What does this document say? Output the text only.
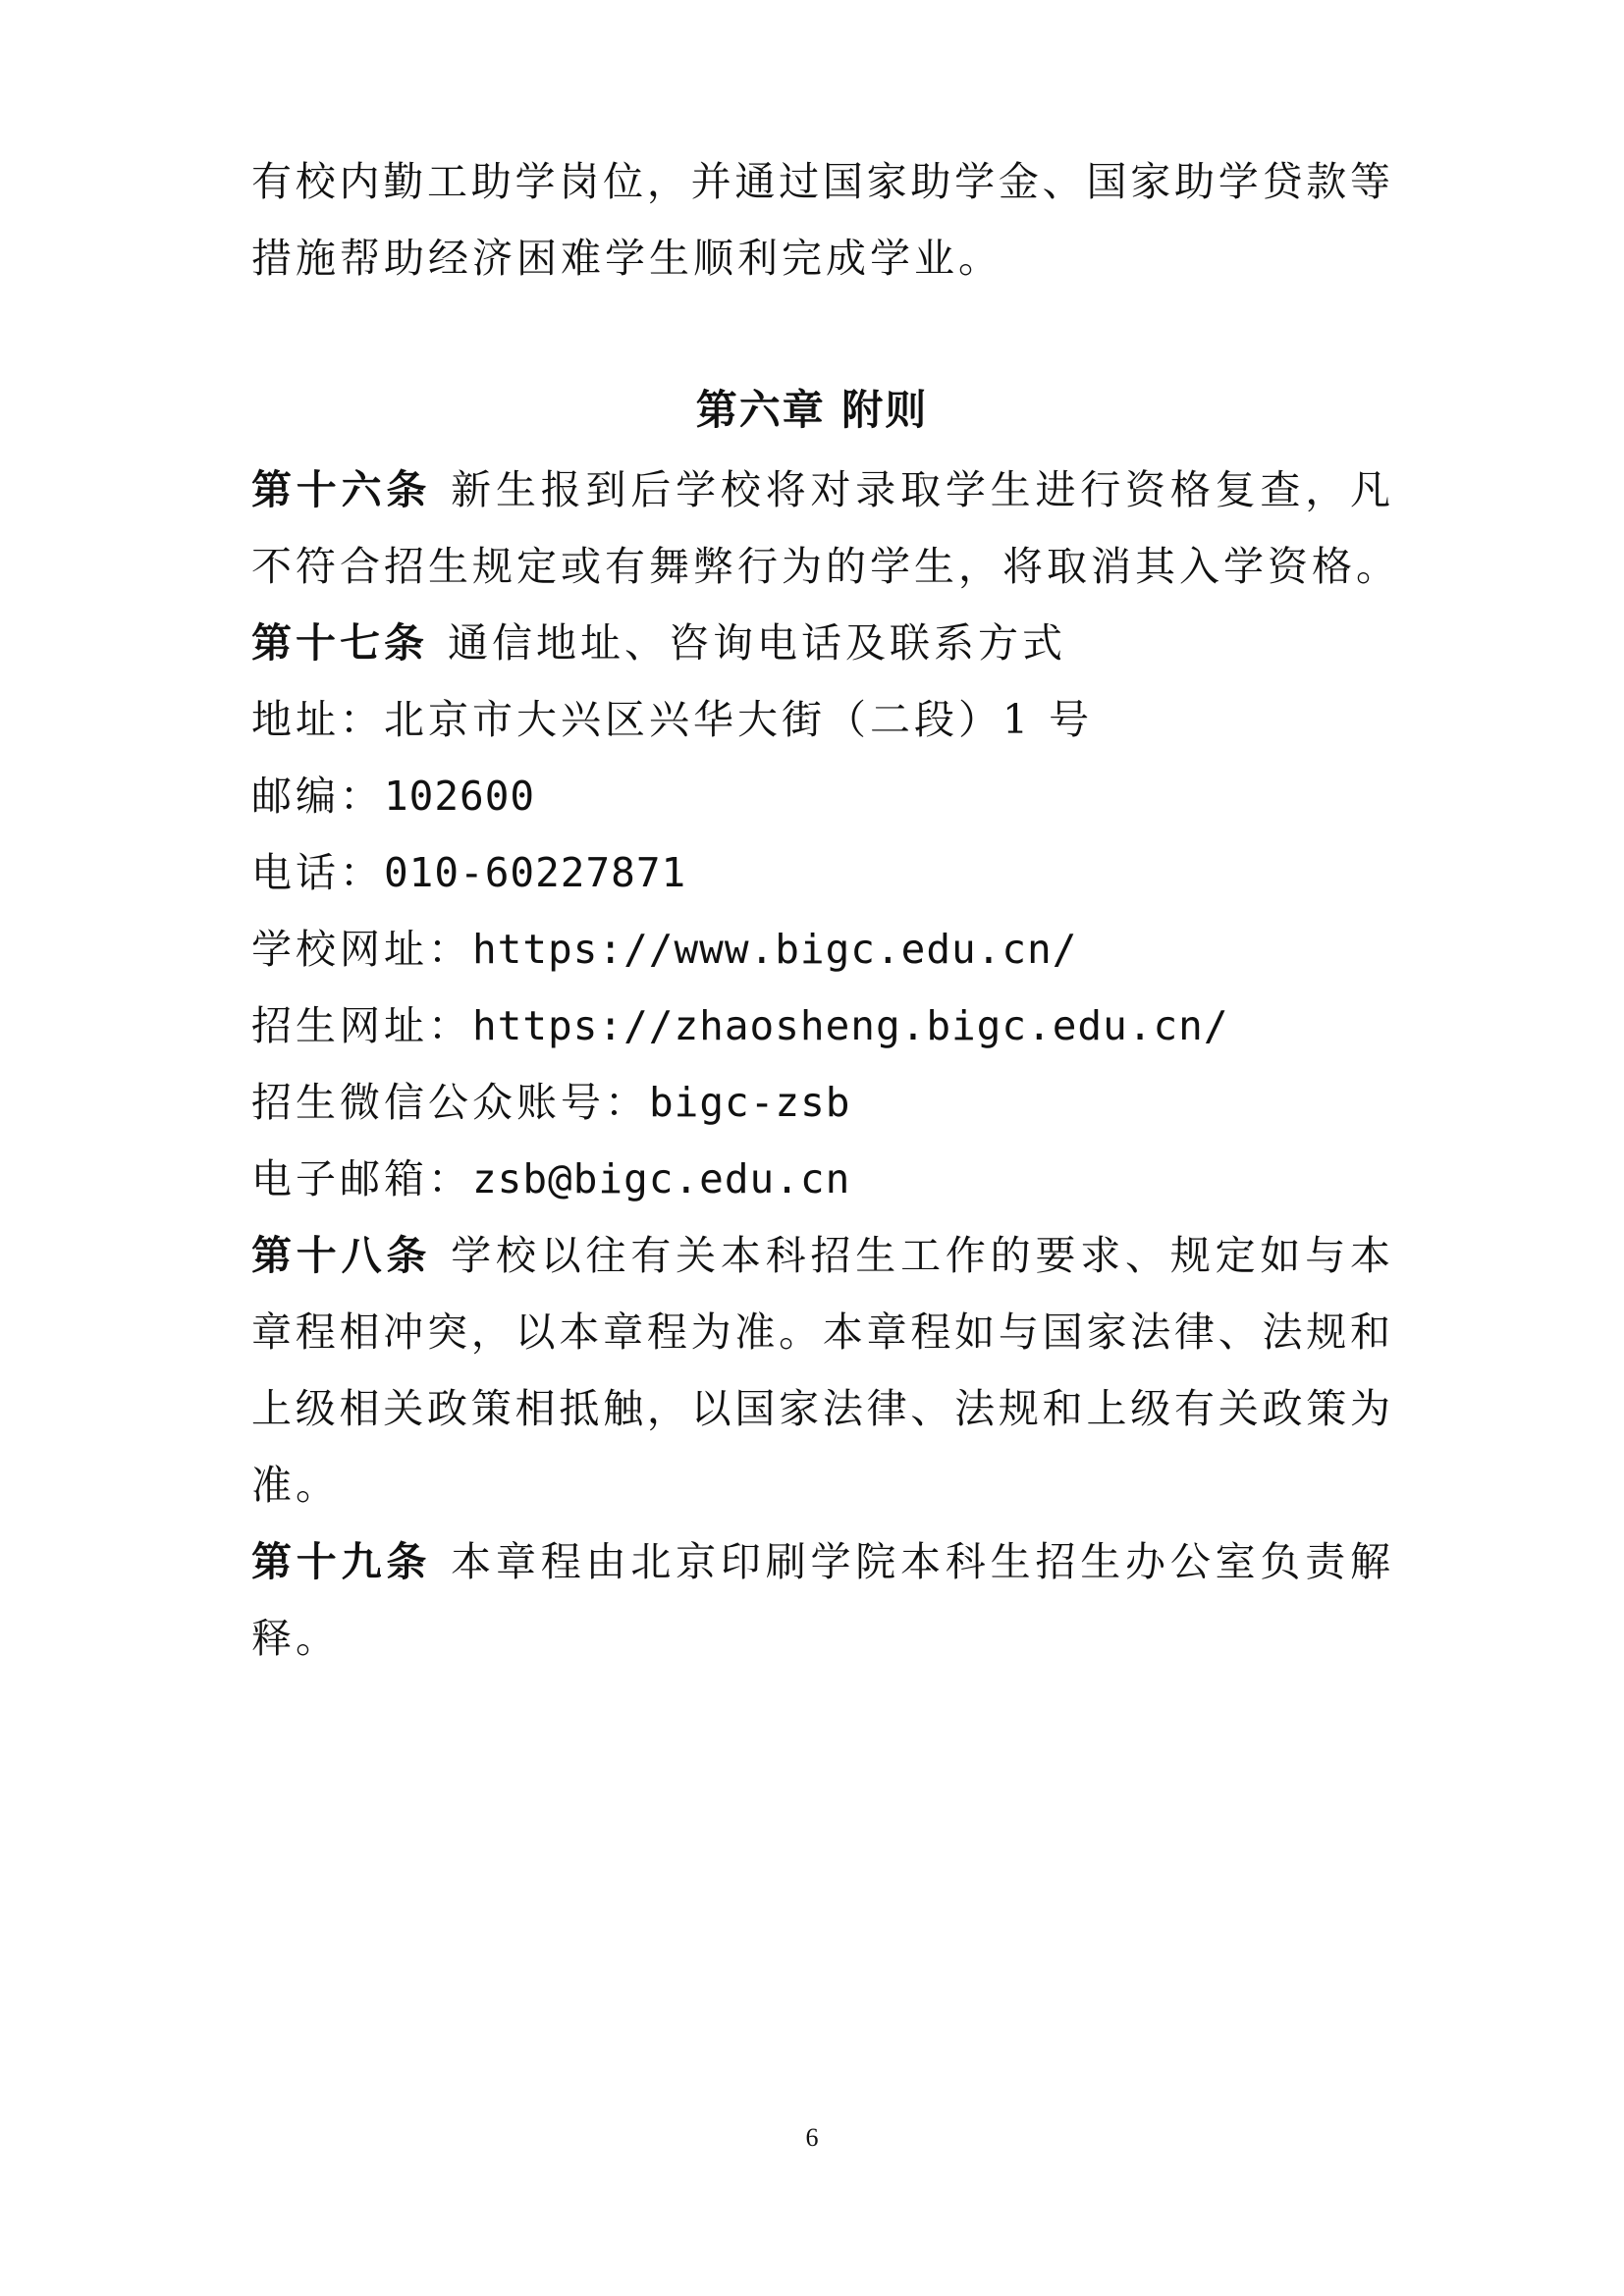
有校内勤工助学岗位，并通过国家助学金、国家助学贷款等
措施帮助经济困难学生顺利完成学业。
第六章 附则
第十六条 新生报到后学校将对录取学生进行资格复查，凡
不符合招生规定或有舞弊行为的学生，将取消其入学资格。
第十七条 通信地址、咨询电话及联系方式
地址：北京市大兴区兴华大街（二段）1 号
邮编：102600
电话：010-60227871
学校网址：https://www.bigc.edu.cn/
招生网址：https://zhaosheng.bigc.edu.cn/
招生微信公众账号：bigc-zsb
电子邮箱：zsb@bigc.edu.cn
第十八条 学校以往有关本科招生工作的要求、规定如与本
章程相冲突，以本章程为准。本章程如与国家法律、法规和
上级相关政策相抵触，以国家法律、法规和上级有关政策为
准。
第十九条 本章程由北京印刷学院本科生招生办公室负责解
释。
6
